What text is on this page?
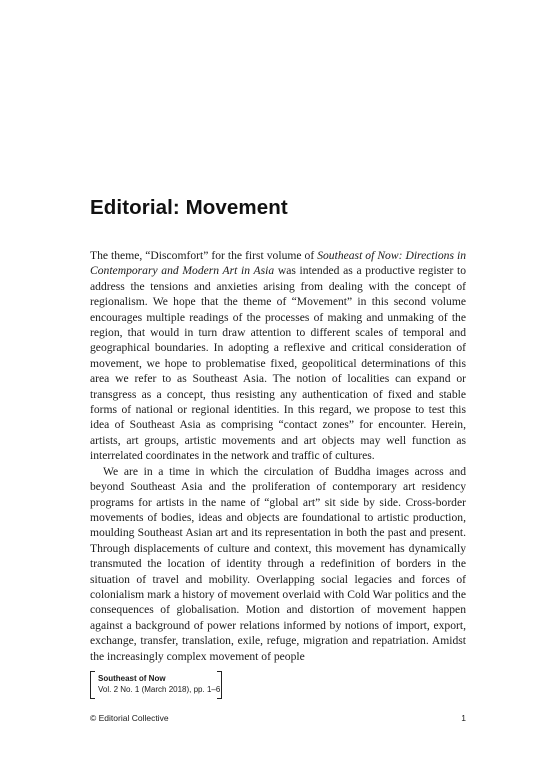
Editorial: Movement

The theme, “Discomfort” for the first volume of Southeast of Now: Directions in Contemporary and Modern Art in Asia was intended as a productive register to address the tensions and anxieties arising from dealing with the concept of regionalism. We hope that the theme of “Movement” in this second volume encourages multiple readings of the processes of making and unmaking of the region, that would in turn draw attention to different scales of temporal and geographical boundaries. In adopting a reflexive and critical consideration of movement, we hope to problematise fixed, geopolitical determinations of this area we refer to as Southeast Asia. The notion of localities can expand or transgress as a concept, thus resisting any authentication of fixed and stable forms of national or regional identities. In this regard, we propose to test this idea of Southeast Asia as comprising “contact zones” for encounter. Herein, artists, art groups, artistic movements and art objects may well function as interrelated coordinates in the network and traffic of cultures.

We are in a time in which the circulation of Buddha images across and beyond Southeast Asia and the proliferation of contemporary art residency programs for artists in the name of “global art” sit side by side. Cross-border movements of bodies, ideas and objects are foundational to artistic production, moulding Southeast Asian art and its representation in both the past and present. Through displacements of culture and context, this movement has dynamically transmuted the location of identity through a redefinition of borders in the situation of travel and mobility. Overlapping social legacies and forces of colonialism mark a history of movement overlaid with Cold War politics and the consequences of globalisation. Motion and distortion of movement happen against a background of power relations informed by notions of import, export, exchange, transfer, translation, exile, refuge, migration and repatriation. Amidst the increasingly complex movement of people

Southeast of Now
Vol. 2 No. 1 (March 2018), pp. 1–6
© Editorial Collective	1
